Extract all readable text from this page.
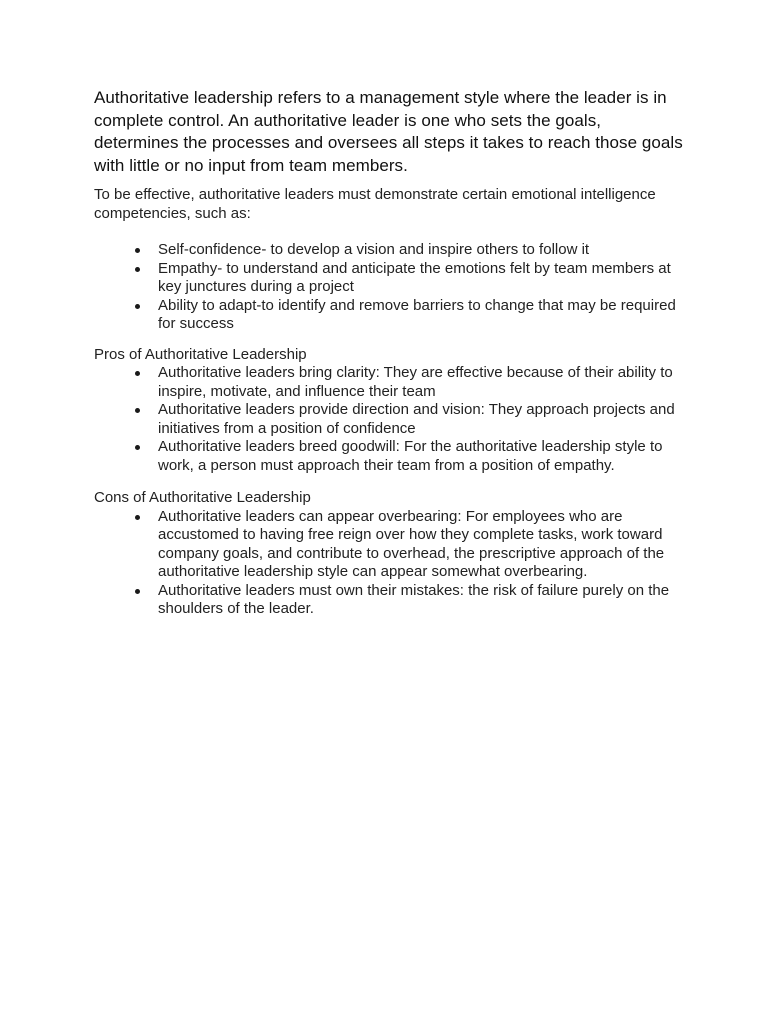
Authoritative leadership refers to a management style where the leader is in complete control. An authoritative leader is one who sets the goals, determines the processes and oversees all steps it takes to reach those goals with little or no input from team members.

To be effective, authoritative leaders must demonstrate certain emotional intelligence competencies, such as:

Self-confidence- to develop a vision and inspire others to follow it
Empathy- to understand and anticipate the emotions felt by team members at key junctures during a project
Ability to adapt-to identify and remove barriers to change that may be required for success

Pros of Authoritative Leadership

Authoritative leaders bring clarity: They are effective because of their ability to inspire, motivate, and influence their team
Authoritative leaders provide direction and vision: They approach projects and initiatives from a position of confidence
Authoritative leaders breed goodwill: For the authoritative leadership style to work, a person must approach their team from a position of empathy.

Cons of Authoritative Leadership

Authoritative leaders can appear overbearing: For employees who are accustomed to having free reign over how they complete tasks, work toward company goals, and contribute to overhead, the prescriptive approach of the authoritative leadership style can appear somewhat overbearing.
Authoritative leaders must own their mistakes: the risk of failure purely on the shoulders of the leader.
